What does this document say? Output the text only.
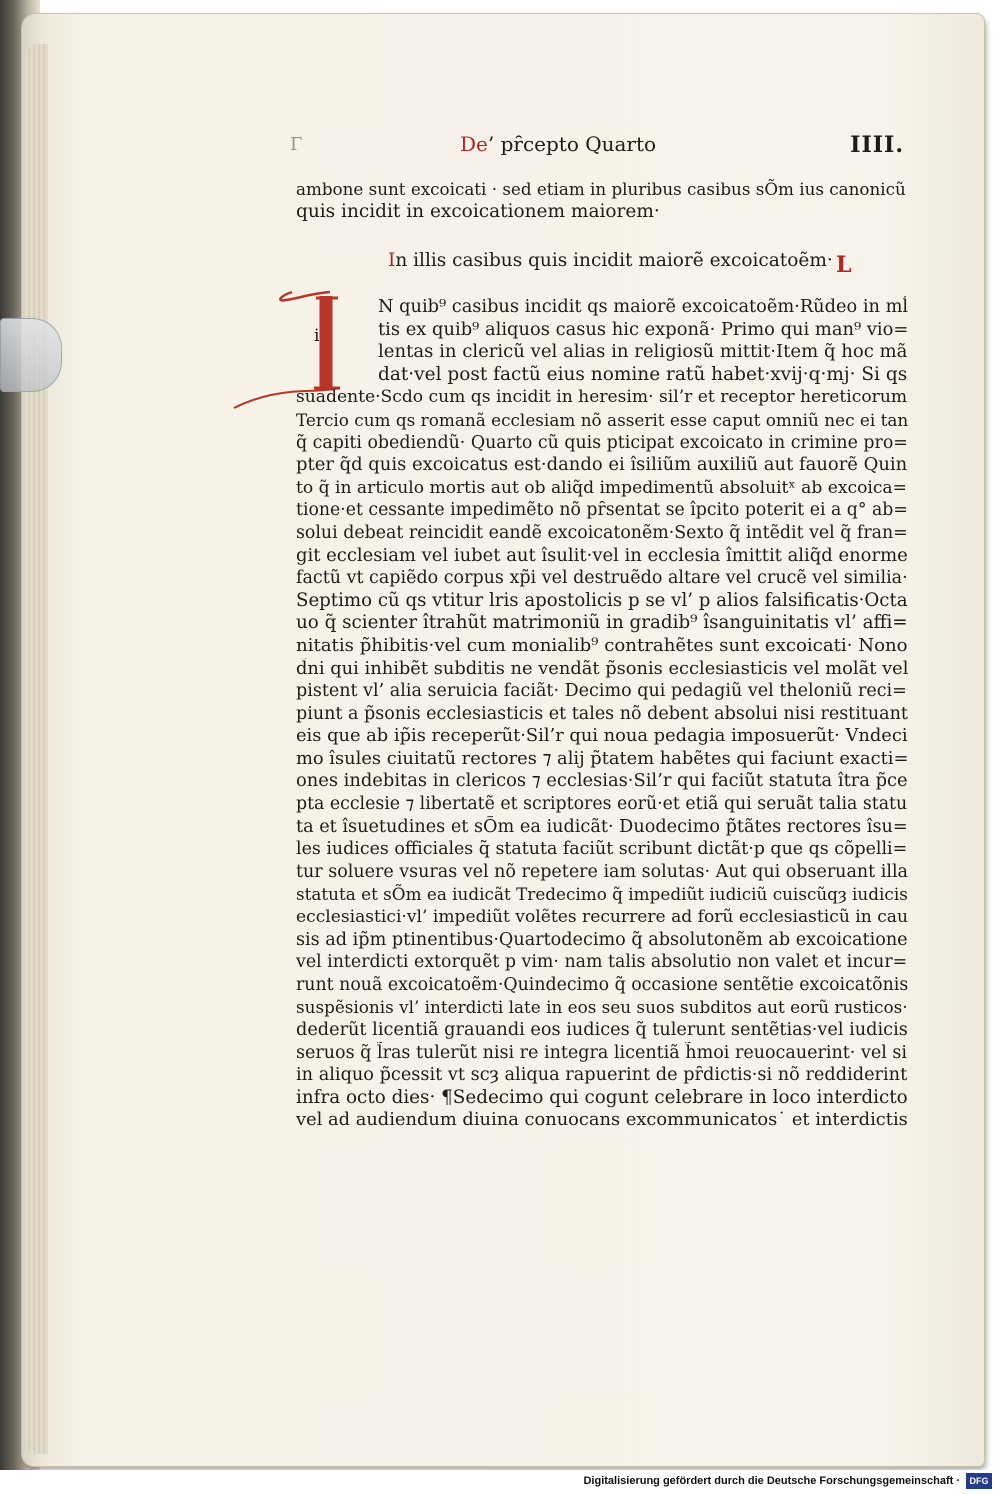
Γ	De’ pȓcepto Quarto	IIII.
ambone sunt excoicati · sed etiam in pluribus casibus sÕm ius canonicũ
quis incidit in excoicationem maiorem·
In illis casibus quis incidit maiorẽ excoicatoẽm· L
i
N quib⁹ casibus incidit qs maiorẽ excoicatoẽm·Rũdeo in mĺ
tis ex quib⁹ aliquos casus hic exponã· Primo qui man⁹ vio=
lentas in clericũ vel alias in religiosũ mittit·Item q̃ hoc mã
dat·vel post factũ eius nomine ratũ habet·xvij·q·mj· Si qs
suadente·Scdo cum qs incidit in heresim· sil’r et receptor hereticorum
Tercio cum qs romanã ecclesiam nõ asserit esse caput omniũ nec ei tan
q̃ capiti obediendũ· Quarto cũ quis pticipat excoicato in crimine pro=
pter q̃d quis excoicatus est·dando ei îsiliũm auxiliũ aut fauorẽ Quin
to q̃ in articulo mortis aut ob aliq̃d impedimentũ absoluitˣ ab excoica=
tione·et cessante impedimẽto nõ pȓsentat se îpcito poterit ei a q° ab=
solui debeat reincidit eandẽ excoicatonẽm·Sexto q̃ intẽdit vel q̃ fran=
git ecclesiam vel iubet aut îsulit·vel in ecclesia îmittit aliq̃d enorme
factũ vt capiẽdo corpus xp̃i vel destruẽdo altare vel crucẽ vel similia·
Septimo cũ qs vtitur l̃ris apostolicis p se vl’ p alios falsificatis·Octa
uo q̃ scienter îtrahũt matrimoniũ in gradib⁹ îsanguinitatis vl’ affi=
nitatis p̃hibitis·vel cum monialib⁹ contrahẽtes sunt excoicati· Nono
d̃ni qui inhibẽt subditis ne vendãt p̃sonis ecclesiasticis vel molãt vel
pistent vl’ alia seruicia faciãt· Decimo qui pedagiũ vel theloniũ reci=
piunt a p̃sonis ecclesiasticis et tales nõ debent absolui nisi restituant
eis que ab ip̃is receperũt·Sil’r qui noua pedagia imposuerũt· Vndeci
mo îsules ciuitatũ rectores ⁊ alij p̃tatem habẽtes qui faciunt exacti=
ones indebitas in clericos ⁊ ecclesias·Sil’r qui faciũt statuta îtra p̃ce
pta ecclesie ⁊ libertatẽ et scriptores eorũ·et etiã qui seruãt talia statu
ta et îsuetudines et sÕm ea iudicãt· Duodecimo p̃tãtes rectores îsu=
les iudices officiales q̃ statuta faciũt scribunt dictãt·p que qs cõpelli=
tur soluere vsuras vel nõ repetere iam solutas· Aut qui obseruant illa
statuta et sÕm ea iudicãt Tredecimo q̃ impediũt iudiciũ cuiscũqȝ iudicis
ecclesiastici·vl’ impediũt volẽtes recurrere ad forũ ecclesiasticũ in cau
sis ad ip̃m ptinentibus·Quartodecimo q̃ absolutonẽm ab excoicatione
vel interdicti extorquẽt p vim· nam talis absolutio non valet et incur=
runt nouã excoicatoẽm·Quindecimo q̃ occasione sentẽtie excoicatõnis
suspẽsionis vl’ interdicti late in eos seu suos subditos aut eorũ rusticos·
dederũt licentiã grauandi eos iudices q̃ tulerunt sentẽtias·vel iudicis
seruos q̃ l̃ras tulerũt nisi re integra licentiã h̃moi reuocauerint· vel si
in aliquo p̃cessit vt scȝ aliqua rapuerint de pȓdictis·si nõ reddiderint
infra octo dies· ¶Sedecimo qui cogunt celebrare in loco interdicto
vel ad audiendum diuina conuocans excommunicatos˙ et interdictis
Digitalisierung gefördert durch die Deutsche Forschungsgemeinschaft ·	DFG
